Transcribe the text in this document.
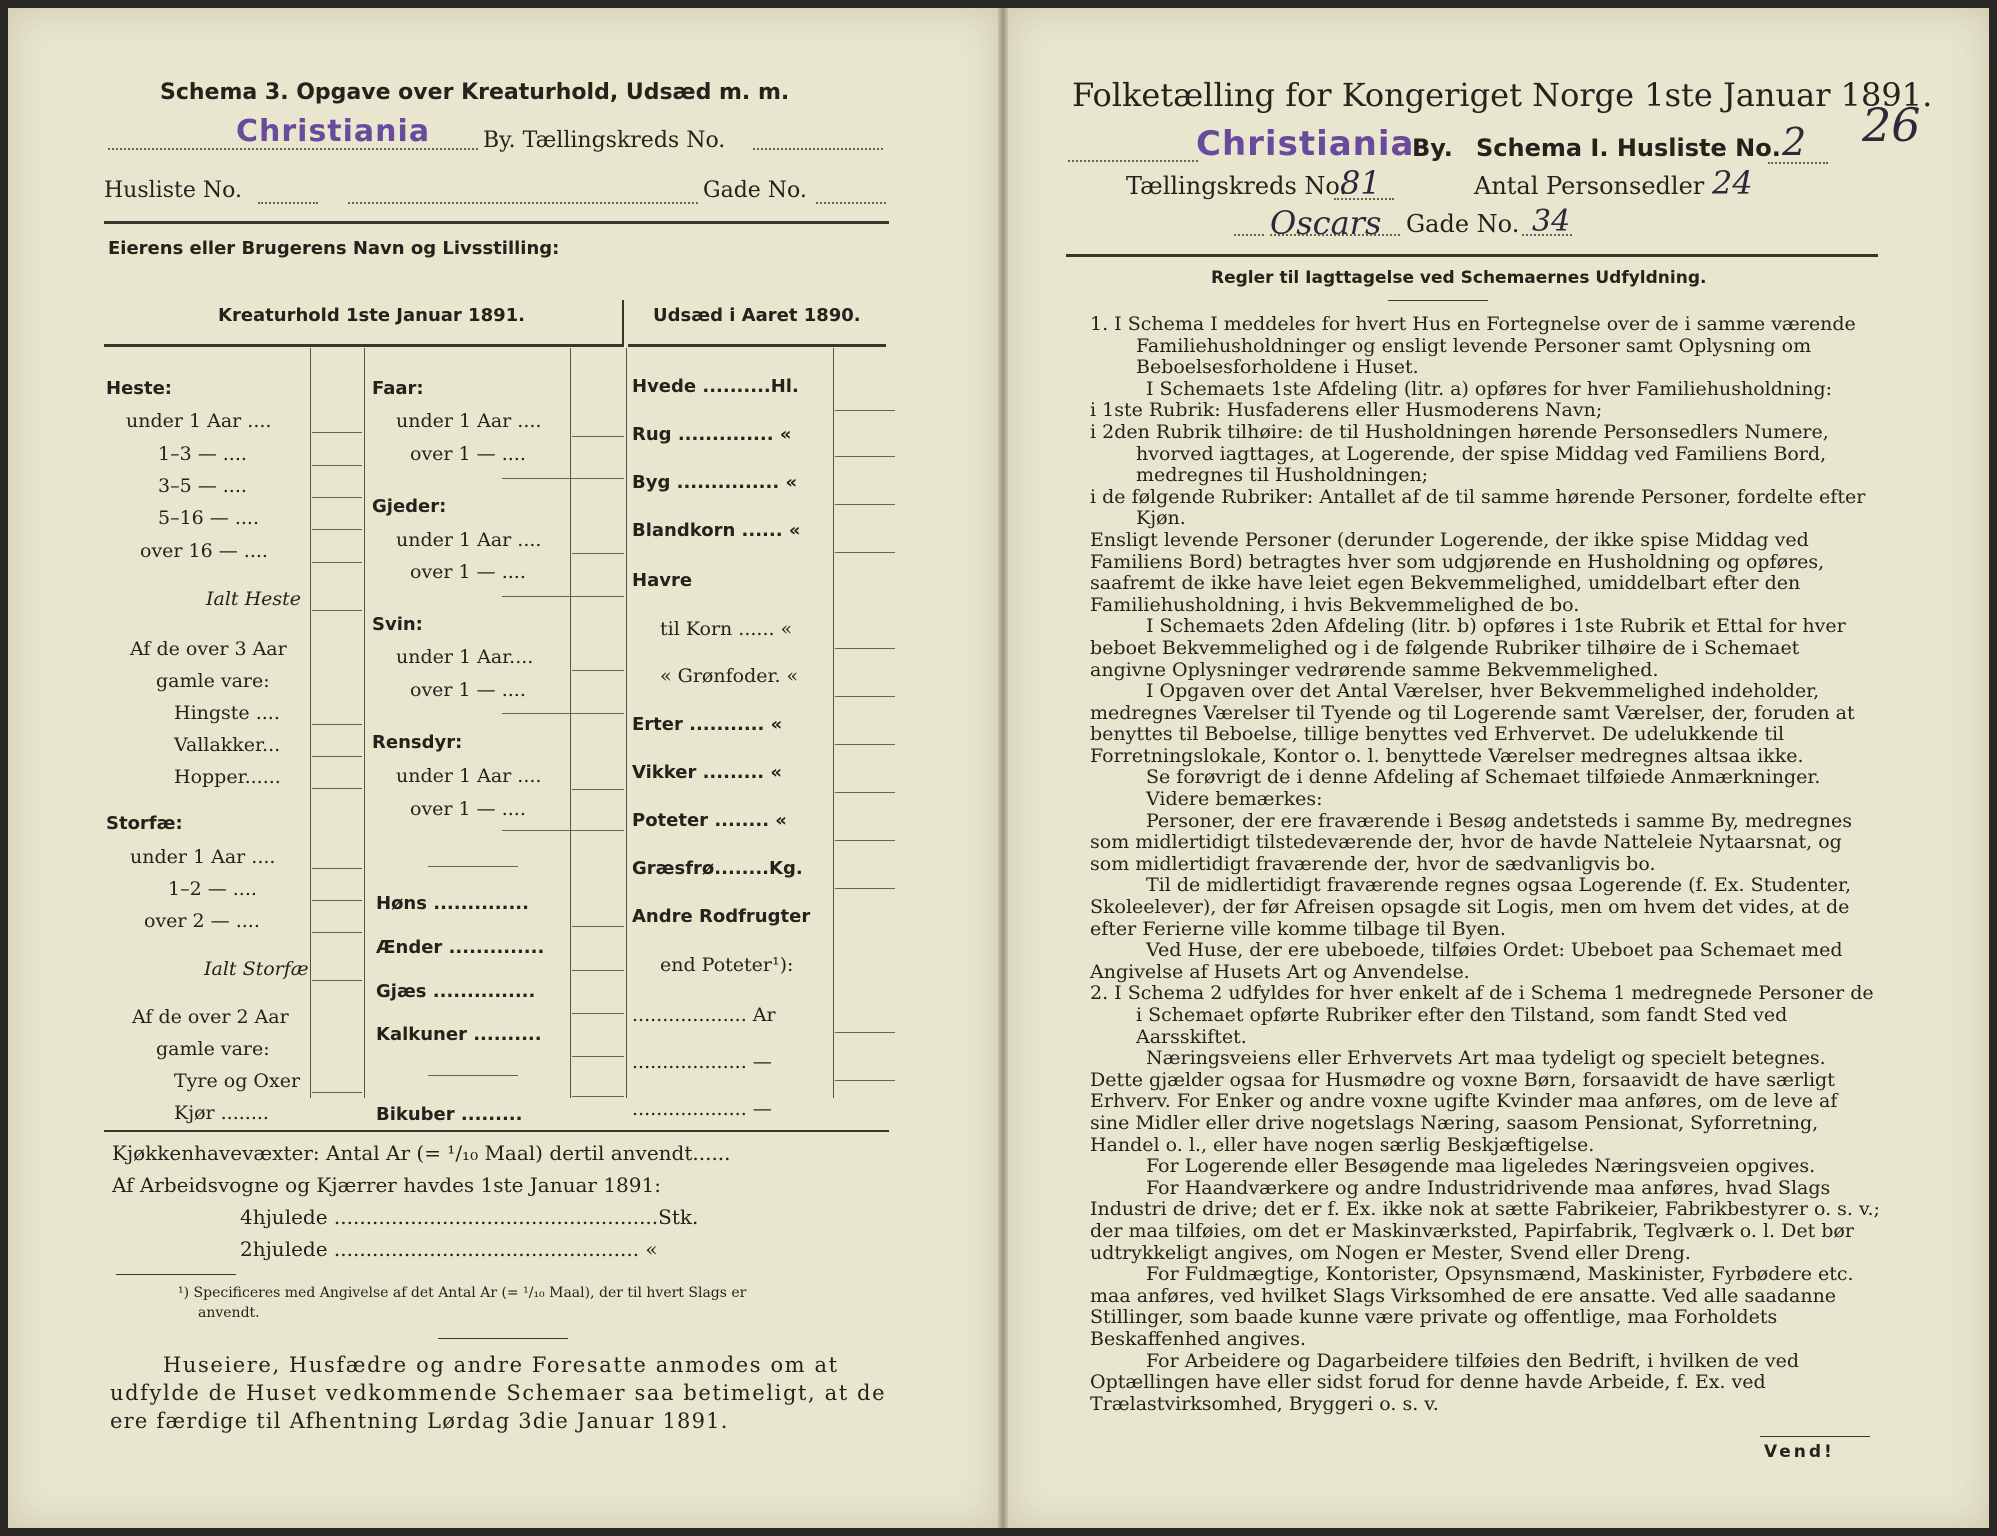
Schema 3. Opgave over Kreaturhold, Udsæd m. m.
Christiania By. Tællingskreds No.
Husliste No.	Gade No.
Eierens eller Brugerens Navn og Livsstilling:
Kreaturhold 1ste Januar 1891.	Udsæd i Aaret 1890.
Heste:
under 1 Aar ....
1–3 — ....
3–5 — ....
5–16 — ....
over 16 — ....
Ialt Heste
Af de over 3 Aar
gamle vare:
Hingste ....
Vallakker...
Hopper......
Storfæ:
under 1 Aar ....
1–2 — ....
over 2 — ....
Ialt Storfæ
Af de over 2 Aar
gamle vare:
Tyre og Oxer
Kjør ........
Faar:
under 1 Aar ....
over 1 — ....
Gjeder:
under 1 Aar ....
over 1 — ....
Svin:
under 1 Aar....
over 1 — ....
Rensdyr:
under 1 Aar ....
over 1 — ....
Høns ..............
Ænder ..............
Gjæs ...............
Kalkuner ..........
Bikuber .........
Hvede ..........Hl.
Rug .............. «
Byg ............... «
Blandkorn ...... «
Havre
til Korn ...... «
« Grønfoder. «
Erter ........... «
Vikker ......... «
Poteter ........ «
Græsfrø........Kg.
Andre Rodfrugter
end Poteter¹):
................... Ar
................... —
................... —
Kjøkkenhavevæxter: Antal Ar (= ¹/₁₀ Maal) dertil anvendt......
Af Arbeidsvogne og Kjærrer havdes 1ste Januar 1891:
4hjulede ...................................................Stk.
2hjulede ................................................ «
¹) Specificeres med Angivelse af det Antal Ar (= ¹/₁₀ Maal), der til hvert Slags er
anvendt.
Huseiere, Husfædre og andre Foresatte anmodes om at
udfylde de Huset vedkommende Schemaer saa betimeligt, at de
ere færdige til Afhentning Lørdag 3die Januar 1891.
Folketælling for Kongeriget Norge 1ste Januar 1891.
26
Christiania
By. Schema I. Husliste No. 2
Tællingskreds No.
81	Antal Personsedler 24
Oscars Gade No. 34
Regler til Iagttagelse ved Schemaernes Udfyldning.

1. I Schema I meddeles for hvert Hus en Fortegnelse over de i samme værende Familiehusholdninger og ensligt levende Personer samt Oplysning om Beboelsesforholdene i Huset.

I Schemaets 1ste Afdeling (litr. a) opføres for hver Familiehusholdning:

i 1ste Rubrik: Husfaderens eller Husmoderens Navn;

i 2den Rubrik tilhøire: de til Husholdningen hørende Personsedlers Numere, hvorved iagttages, at Logerende, der spise Middag ved Familiens Bord, medregnes til Husholdningen;

i de følgende Rubriker: Antallet af de til samme hørende Personer, fordelte efter Kjøn.

Ensligt levende Personer (derunder Logerende, der ikke spise Middag ved Familiens Bord) betragtes hver som udgjørende en Husholdning og opføres, saafremt de ikke have leiet egen Bekvemmelighed, umiddelbart efter den Familiehusholdning, i hvis Bekvemmelighed de bo.

I Schemaets 2den Afdeling (litr. b) opføres i 1ste Rubrik et Ettal for hver beboet Bekvemmelighed og i de følgende Rubriker tilhøire de i Schemaet angivne Oplysninger vedrørende samme Bekvemmelighed.

I Opgaven over det Antal Værelser, hver Bekvemmelighed indeholder, medregnes Værelser til Tyende og til Logerende samt Værelser, der, foruden at benyttes til Beboelse, tillige benyttes ved Erhvervet. De udelukkende til Forretningslokale, Kontor o. l. benyttede Værelser medregnes altsaa ikke.

Se forøvrigt de i denne Afdeling af Schemaet tilføiede Anmærkninger.

Videre bemærkes:

Personer, der ere fraværende i Besøg andetsteds i samme By, medregnes som midlertidigt tilstedeværende der, hvor de havde Natteleie Nytaarsnat, og som midlertidigt fraværende der, hvor de sædvanligvis bo.

Til de midlertidigt fraværende regnes ogsaa Logerende (f. Ex. Studenter, Skoleelever), der før Afreisen opsagde sit Logis, men om hvem det vides, at de efter Ferierne ville komme tilbage til Byen.

Ved Huse, der ere ubeboede, tilføies Ordet: Ubeboet paa Schemaet med Angivelse af Husets Art og Anvendelse.

2. I Schema 2 udfyldes for hver enkelt af de i Schema 1 medregnede Personer de i Schemaet opførte Rubriker efter den Tilstand, som fandt Sted ved Aarsskiftet.

Næringsveiens eller Erhvervets Art maa tydeligt og specielt betegnes. Dette gjælder ogsaa for Husmødre og voxne Børn, forsaavidt de have særligt Erhverv. For Enker og andre voxne ugifte Kvinder maa anføres, om de leve af sine Midler eller drive nogetslags Næring, saasom Pensionat, Syforretning, Handel o. l., eller have nogen særlig Beskjæftigelse.

For Logerende eller Besøgende maa ligeledes Næringsveien opgives.

For Haandværkere og andre Industridrivende maa anføres, hvad Slags Industri de drive; det er f. Ex. ikke nok at sætte Fabrikeier, Fabrikbestyrer o. s. v.; der maa tilføies, om det er Maskinværksted, Papirfabrik, Teglværk o. l. Det bør udtrykkeligt angives, om Nogen er Mester, Svend eller Dreng.

For Fuldmægtige, Kontorister, Opsynsmænd, Maskinister, Fyrbødere etc. maa anføres, ved hvilket Slags Virksomhed de ere ansatte. Ved alle saadanne Stillinger, som baade kunne være private og offentlige, maa Forholdets Beskaffenhed angives.

For Arbeidere og Dagarbeidere tilføies den Bedrift, i hvilken de ved Optællingen have eller sidst forud for denne havde Arbeide, f. Ex. ved Trælastvirksomhed, Bryggeri o. s. v.

Vend!
